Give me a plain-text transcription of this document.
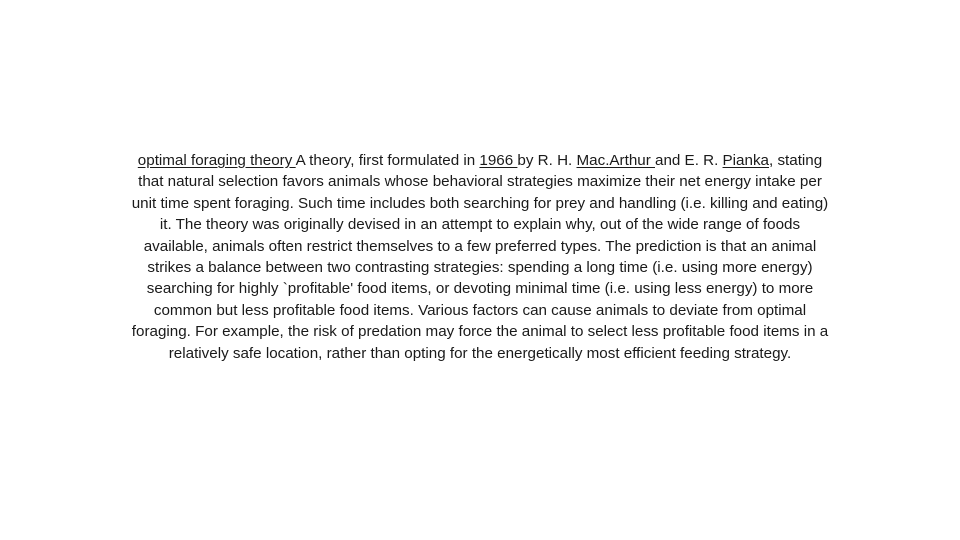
optimal foraging theory A theory, first formulated in 1966 by R. H. Mac.Arthur and E. R. Pianka, stating that natural selection favors animals whose behavioral strategies maximize their net energy intake per unit time spent foraging. Such time includes both searching for prey and handling (i.e. killing and eating) it. The theory was originally devised in an attempt to explain why, out of the wide range of foods available, animals often restrict themselves to a few preferred types. The prediction is that an animal strikes a balance between two contrasting strategies: spending a long time (i.e. using more energy) searching for highly `profitable' food items, or devoting minimal time (i.e. using less energy) to more common but less profitable food items. Various factors can cause animals to deviate from optimal foraging. For example, the risk of predation may force the animal to select less profitable food items in a relatively safe location, rather than opting for the energetically most efficient feeding strategy.
